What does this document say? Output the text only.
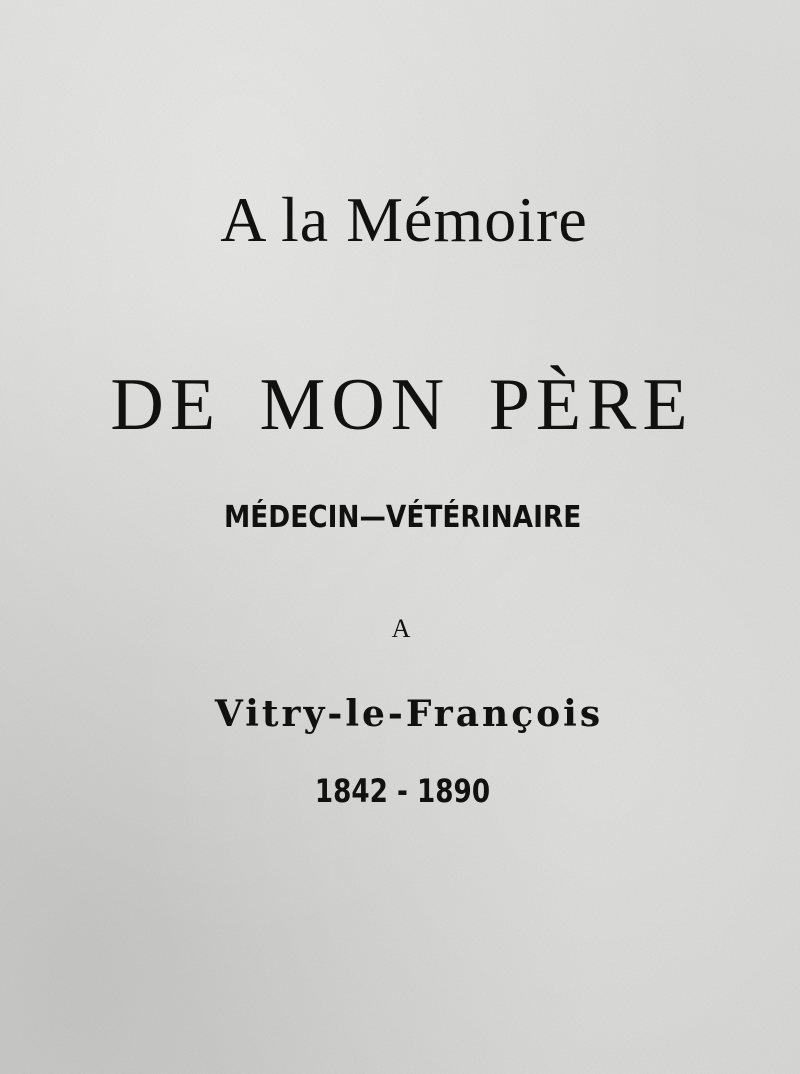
A la Mémoire
DE MON PÈRE
MÉDECIN—VÉTÉRINAIRE
A
Vitry-le-François
1842 - 1890
